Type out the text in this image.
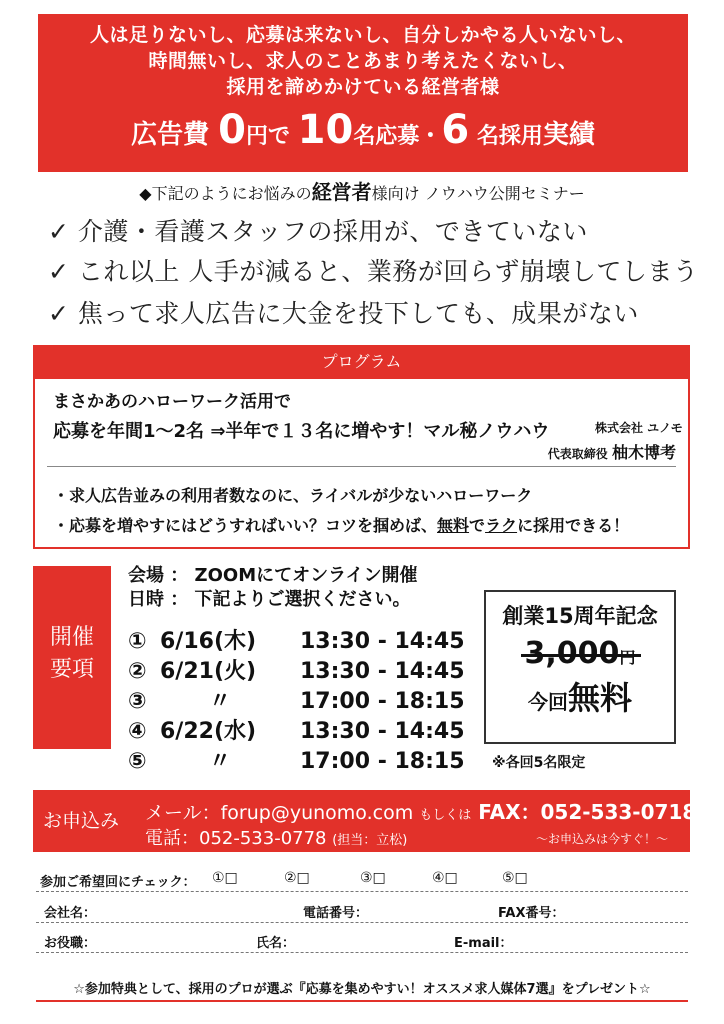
人は足りないし、応募は来ないし、自分しかやる人いないし、
時間無いし、求人のことあまり考えたくないし、
採用を諦めかけている経営者様
広告費 0円で 10名応募・6 名採用実績
◆下記のようにお悩みの経営者様向け ノウハウ公開セミナー
✓ 介護・看護スタッフの採用が、できていない
✓ これ以上 人手が減ると、業務が回らず崩壊してしまう
✓ 焦って求人広告に大金を投下しても、成果がない
プログラム
まさかあのハローワーク活用で
応募を年間1～2名 ⇒半年で１３名に増やす！マル秘ノウハウ	株式会社 ユノモ
代表取締役 柚木博考
・求人広告並みの利用者数なのに、ライバルが少ないハローワーク
・応募を増やすにはどうすればいい？コツを掴めば、無料でラクに採用できる！
開催
要項
会場 ： ZOOMにてオンライン開催
日時 ： 下記よりご選択ください。
① 6/16(木) 13:30 - 14:45
② 6/21(火) 13:30 - 14:45
③	〃	17:00 - 18:15
④ 6/22(水) 13:30 - 14:45
⑤	〃	17:00 - 18:15
創業15周年記念
3,000円
今回無料
※各回5名限定
お申込み メール：forup@yunomo.com もしくは FAX：052-533-0718
電話：052-533-0778 (担当：立松)	～お申込みは今すぐ！～
参加ご希望回にチェック： ①□	②□	③□	④□	⑤□
会社名：	電話番号：	FAX番号：
お役職：	氏名：	E-mail：
☆参加特典として、採用のプロが選ぶ『応募を集めやすい！オススメ求人媒体7選』をプレゼント☆
